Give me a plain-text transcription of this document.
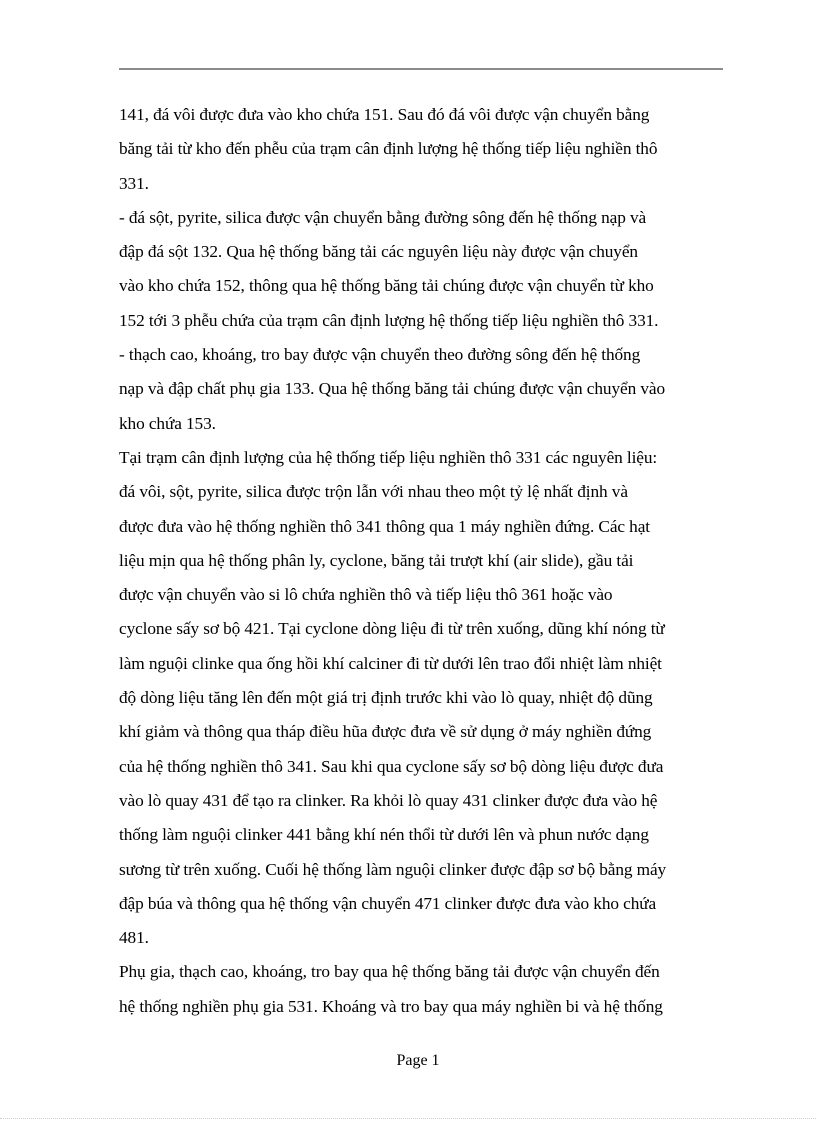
141, đá vôi được đưa vào kho chứa 151. Sau đó đá vôi được vận chuyển bằng
băng tải từ kho đến phễu của trạm cân định lượng hệ thống tiếp liệu nghiền thô
331.
- đá sột, pyrite, silica được vận chuyển bằng đường sông đến hệ thống nạp và
đập đá sột 132. Qua hệ thống băng tải các nguyên liệu này được vận chuyển
vào kho chứa 152, thông qua hệ thống băng tải chúng được vận chuyển từ kho
152 tới 3 phễu chứa của trạm cân định lượng hệ thống tiếp liệu nghiền thô 331.
- thạch cao, khoáng, tro bay được vận chuyển theo đường sông đến hệ thống
nạp và đập chất phụ gia 133. Qua hệ thống băng tải chúng được vận chuyển vào
kho chứa 153.
Tại trạm cân định lượng của hệ thống tiếp liệu nghiền thô 331 các nguyên liệu:
đá vôi, sột, pyrite, silica được trộn lẫn với nhau theo một tỷ lệ nhất định và
được đưa vào hệ thống nghiền thô 341 thông qua 1 máy nghiền đứng. Các hạt
liệu mịn qua hệ thống phân ly, cyclone, băng tải trượt khí (air slide), gầu tải
được vận chuyển vào si lô chứa nghiền thô và tiếp liệu thô 361 hoặc vào
cyclone sấy sơ bộ 421. Tại cyclone dòng liệu đi từ trên xuống, dũng khí nóng từ
làm nguội clinke qua ống hồi khí calciner đi từ dưới lên trao đổi nhiệt làm nhiệt
độ dòng liệu tăng lên đến một giá trị định trước khi vào lò quay, nhiệt độ dũng
khí giảm và thông qua tháp điều hũa được đưa về sử dụng ở máy nghiền đứng
của hệ thống nghiền thô 341. Sau khi qua cyclone sấy sơ bộ dòng liệu được đưa
vào lò quay 431 để tạo ra clinker. Ra khỏi lò quay 431 clinker được đưa vào hệ
thống làm nguội clinker 441 bằng khí nén thổi từ dưới lên và phun nước dạng
sương từ trên xuống. Cuối hệ thống làm nguội clinker được đập sơ bộ bằng máy
đập búa và thông qua hệ thống vận chuyển 471 clinker được đưa vào kho chứa
481.
Phụ gia, thạch cao, khoáng, tro bay qua hệ thống băng tải được vận chuyển đến
hệ thống nghiền phụ gia 531. Khoáng và tro bay qua máy nghiền bi và hệ thống
Page 1
